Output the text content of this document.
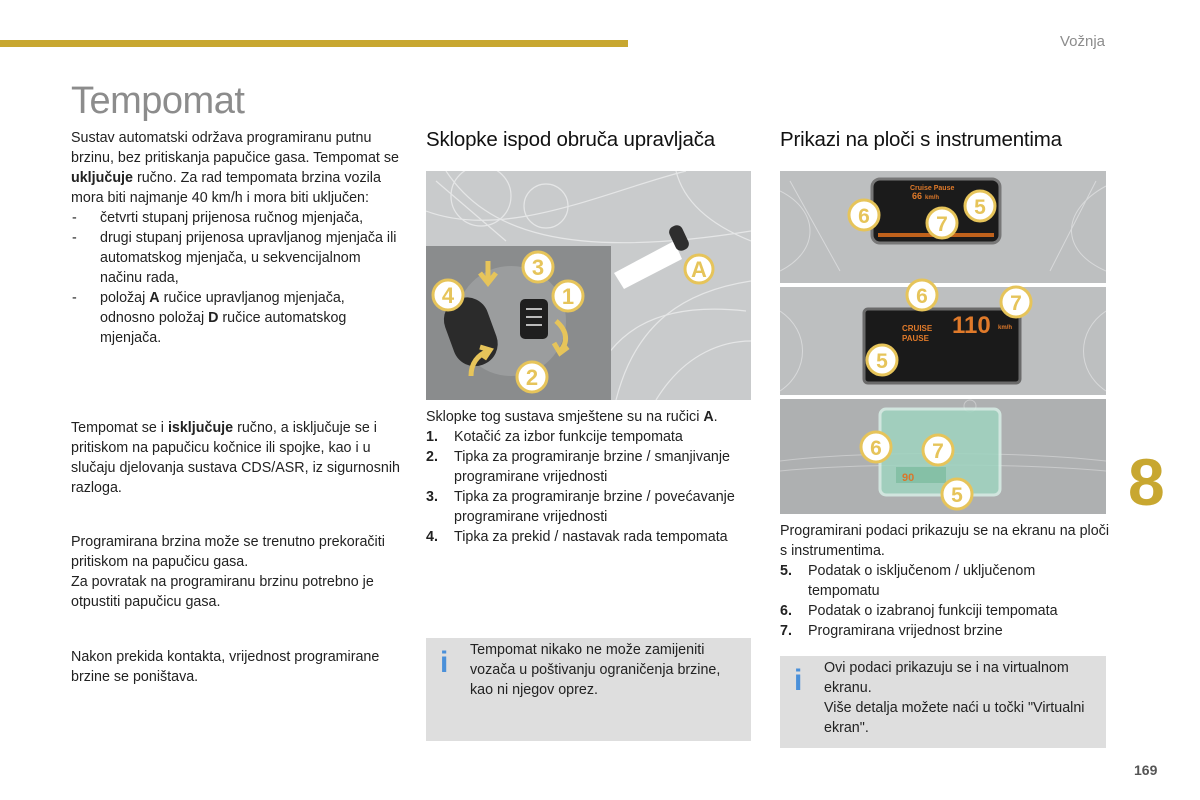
Vožnja
Tempomat

Sustav automatski održava programiranu putnu brzinu, bez pritiskanja papučice gasa. Tempomat se uključuje ručno. Za rad tempomata brzina vozila mora biti najmanje 40 km/h i mora biti uključen:

- četvrti stupanj prijenosa ručnog mjenjača,
- drugi stupanj prijenosa upravljanog mjenjača ili automatskog mjenjača, u sekvencijalnom načinu rada,
- položaj A ručice upravljanog mjenjača, odnosno položaj D ručice automatskog mjenjača.

Tempomat se i isključuje ručno, a isključuje se i pritiskom na papučicu kočnice ili spojke, kao i u slučaju djelovanja sustava CDS/ASR, iz sigurnosnih razloga.

Programirana brzina može se trenutno prekoračiti pritiskom na papučicu gasa.

Za povratak na programiranu brzinu potrebno je otpustiti papučicu gasa.

Nakon prekida kontakta, vrijednost programirane brzine se poništava.

Sklopke ispod obruča upravljača
A
3
1
4
2

Sklopke tog sustava smještene su na ručici A.

1. Kotačić za izbor funkcije tempomata
2. Tipka za programiranje brzine / smanjivanje programirane vrijednosti
3. Tipka za programiranje brzine / povećavanje programirane vrijednosti
4. Tipka za prekid / nastavak rada tempomata
i Tempomat nikako ne može zamijeniti vozača u poštivanju ograničenja brzine, kao ni njegov oprez.
Prikazi na ploči s instrumentima
Cruise Pause
66 km/h
6	7
5
CRUISE
PAUSE 110 km/h
6	7
5
90
6 7
5

Programirani podaci prikazuju se na ekranu na ploči s instrumentima.

5. Podatak o isključenom / uključenom tempomatu
6. Podatak o izabranoj funkciji tempomata
7. Programirana vrijednost brzine
i Ovi podaci prikazuju se i na virtualnom ekranu.
Više detalja možete naći u točki "Virtualni ekran".
8
169
